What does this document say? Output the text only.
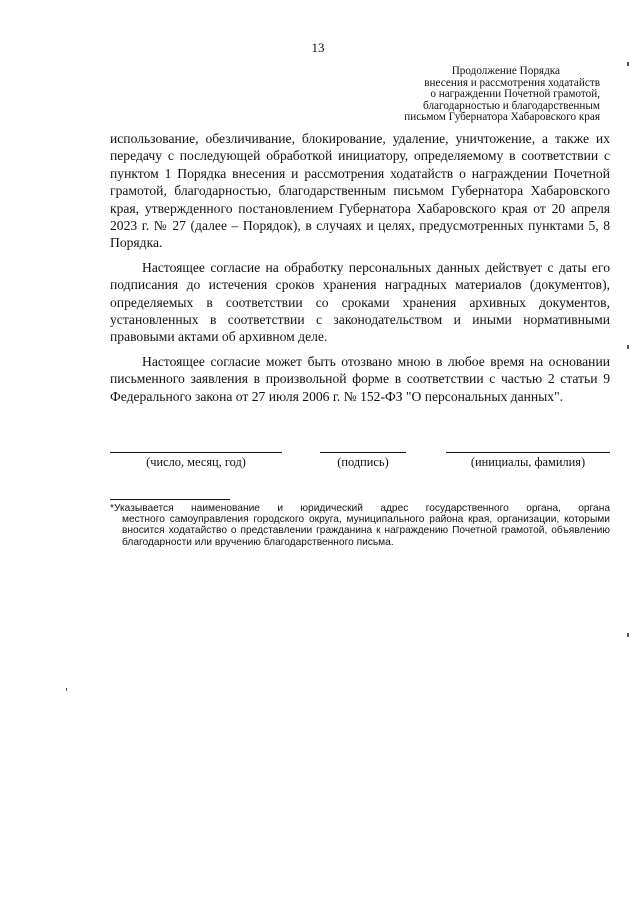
13
Продолжение Порядка
внесения и рассмотрения ходатайств
о награждении Почетной грамотой,
благодарностью и благодарственным
письмом Губернатора Хабаровского края

использование, обезличивание, блокирование, удаление, уничтожение, а также их передачу с последующей обработкой инициатору, определяемому в соответствии с пунктом 1 Порядка внесения и рассмотрения ходатайств о награждении Почетной грамотой, благодарностью, благодарственным письмом Губернатора Хабаровского края, утвержденного постановлением Губернатора Хабаровского края от 20 апреля 2023 г. № 27 (далее – Порядок), в случаях и целях, предусмотренных пунктами 5, 8 Порядка.

Настоящее согласие на обработку персональных данных действует с даты его подписания до истечения сроков хранения наградных материалов (документов), определяемых в соответствии со сроками хранения архивных документов, установленных в соответствии с законодательством и иными нормативными правовыми актами об архивном деле.

Настоящее согласие может быть отозвано мною в любое время на основании письменного заявления в произвольной форме в соответствии с частью 2 статьи 9 Федерального закона от 27 июля 2006 г. № 152-ФЗ "О персональных данных".

(число, месяц, год)	(подпись)	(инициалы, фамилия)
*Указывается наименование и юридический адрес государственного органа, органа
местного самоуправления городского округа, муниципального района края, организации, которыми вносится ходатайство о представлении гражданина к награждению Почетной грамотой, объявлению благодарности или вручению благодарственного письма.
